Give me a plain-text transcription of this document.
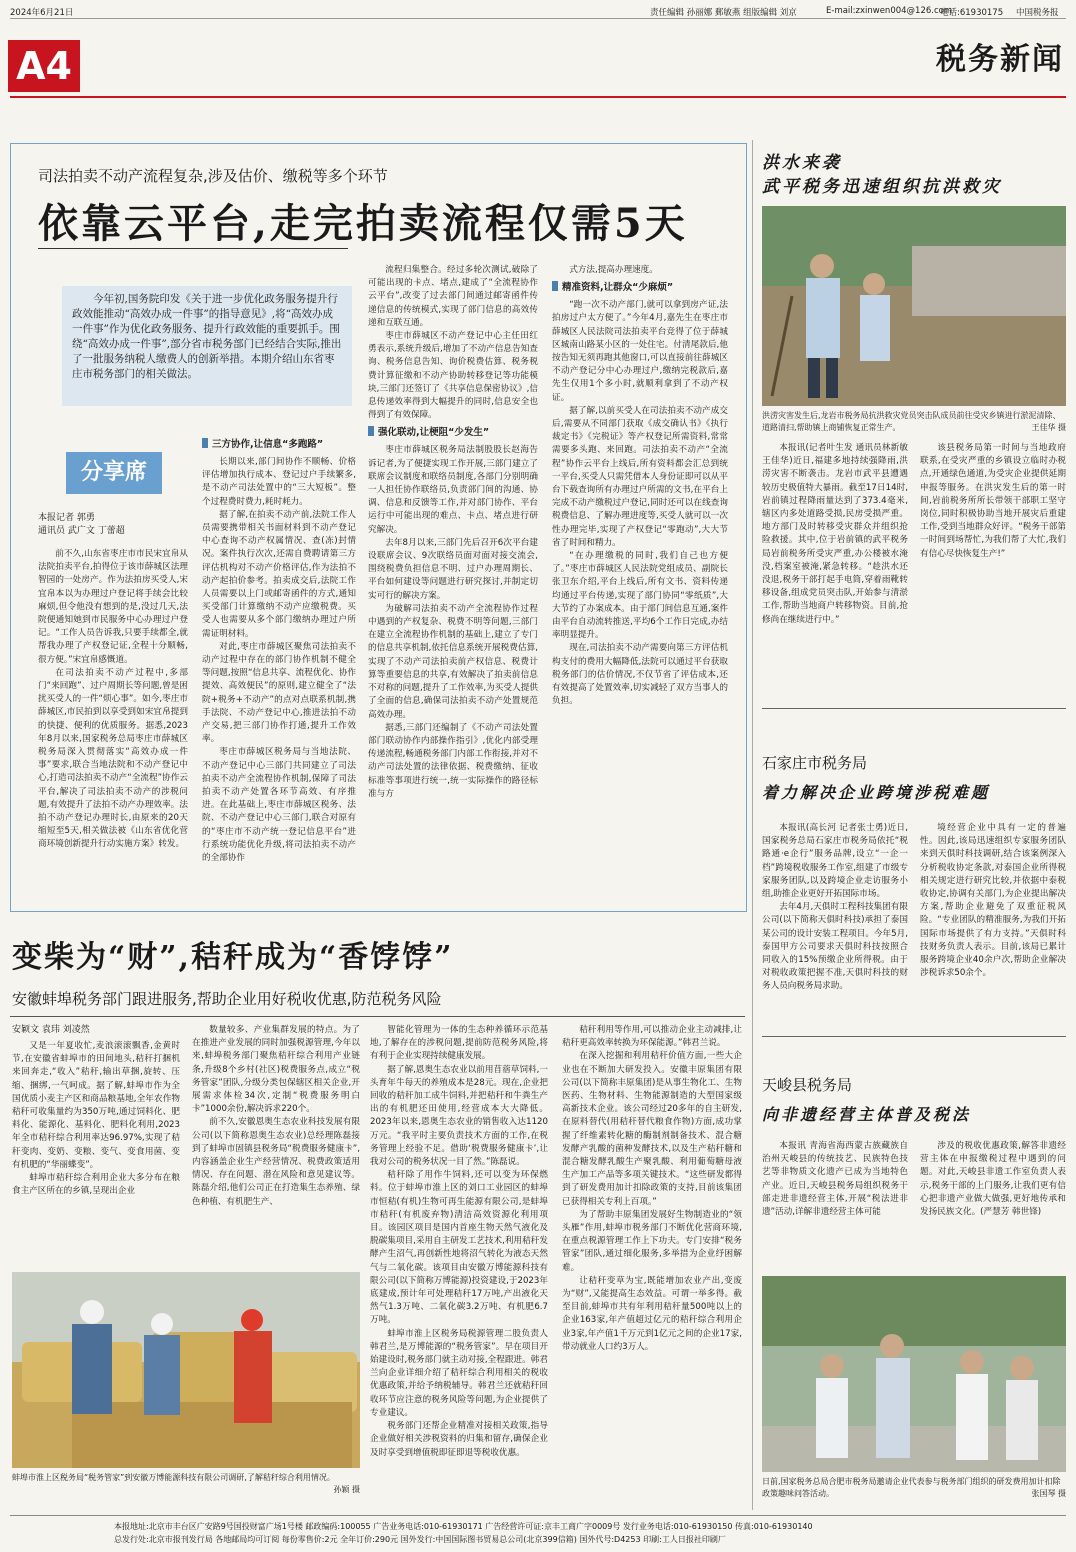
2024年6月21日	责任编辑 孙丽娜 郵敏燕 组版编辑 刘京	E-mail:zxinwen004@126.com
电话:61930175 中国税务报
A4	税务新闻
司法拍卖不动产流程复杂,涉及估价、缴税等多个环节
依靠云平台,走完拍卖流程仅需5天
今年初,国务院印发《关于进一步优化政务服务提升行政效能推动“高效办成一件事”的指导意见》,将“高效办成一件事”作为优化政务服务、提升行政效能的重要抓手。围绕“高效办成一件事”,部分省市税务部门已经结合实际,推出了一批服务纳税人缴费人的创新举措。本期介绍山东省枣庄市税务部门的相关做法。
分享席
本报记者 郭勇
通讯员 武广文 丁蕾超

前不久,山东省枣庄市市民宋宜帛从法院拍卖平台,拍得位于该市薛城区法理智园的一处房产。作为法拍房买受人,宋宜帛本以为办理过户登记将手续会比较麻烦,但令他没有想到的是,没过几天,法院便通知她到市民服务中心办理过户登记。“工作人员告诉我,只要手续都全,就帮我办理了产权登记证,全程十分顺畅,很方便。”宋宜帛感慨道。

在司法拍卖不动产过程中,多部门“来回跑”、过户周期长等问题,曾是困扰买受人的一件“烦心事”。如今,枣庄市薛城区,市民拍到以享受到如宋宜帛提到的快捷、便利的优质服务。据悉,2023年8月以来,国家税务总局枣庄市薛城区税务局深入贯彻落实“高效办成一件事”要求,联合当地法院和不动产登记中心,打造司法拍卖不动产“全流程”协作云平台,解决了司法拍卖不动产的涉税问题,有效提升了法拍不动产办理效率。法拍不动产登记办理时长,由原来的20天缩短至5天,相关做法被《山东省优化营商环境创新提升行动实施方案》转发。

三方协作,让信息“多跑路”

长期以来,部门间协作不顺畅、价格评估增加执行成本、登记过户手续繁多,是不动产司法处置中的“三大短板”。整个过程费时费力,耗时耗力。

据了解,在拍卖不动产前,法院工作人员需要携带相关书面材料到不动产登记中心查询不动产权属情况、查(冻)封情况。案件执行次次,还需自费聘请第三方评估机构对不动产价格评估,作为法拍不动产起拍价参考。拍卖成交后,法院工作人员需要以上门或邮寄函件的方式,通知买受部门计算缴纳不动产应缴税费。买受人也需要从多个部门缴纳办理过户所需证明材料。

对此,枣庄市薛城区聚焦司法拍卖不动产过程中存在的部门协作机制不健全等问题,按照“信息共享、流程优化、协作提效、高效便民”的原则,建立健全了“法院+税务+不动产”的点对点联系机制,携手法院、不动产登记中心,推进法拍不动产交易,把三部门协作打通,提升工作效率。

枣庄市薛城区税务局与当地法院、不动产登记中心三部门共同建立了司法拍卖不动产全流程协作机制,保障了司法拍卖不动产处置各环节高效、有序推进。在此基础上,枣庄市薛城区税务、法院、不动产登记中心三部门,联合对原有的“枣庄市不动产统一登记信息平台”进行系统功能优化升级,将司法拍卖不动产的全部协作

流程归集整合。经过多轮次测试,破除了可能出现的卡点、堵点,建成了“全流程协作云平台”,改变了过去部门间通过邮寄函件传递信息的传统模式,实现了部门信息的高效传递和互联互通。

枣庄市薛城区不动产登记中心主任田红勇表示,系统升级后,增加了不动产信息告知查询、税务信息告知、询价税费估算、税务税费计算征缴和不动产协助转移登记等功能模块,三部门还签订了《共享信息保密协议》,信息传递效率得到大幅提升的同时,信息安全也得到了有效保障。

强化联动,让梗阻“少发生”

枣庄市薛城区税务局法制股股长赵海告诉记者,为了便捷实现工作开展,三部门建立了联席会议制度和联络员制度,各部门分别明确一人担任协作联络员,负责部门间的沟通、协调、信息和反馈等工作,并对部门协作、平台运行中可能出现的难点、卡点、堵点进行研究解决。

去年8月以来,三部门先后召开6次平台建设联席会议、9次联络员面对面对接交流会,围绕税费负担信息不明、过户办理周期长、平台如何建设等问题进行研究探讨,并制定切实可行的解决方案。

为破解司法拍卖不动产全流程协作过程中遇到的产权复杂、税费不明等问题,三部门在建立全流程协作机制的基础上,建立了专门的信息共享机制,依托信息系统开展税费估算,实现了不动产司法拍卖前产权信息、税费计算等重要信息的共享,有效解决了拍卖前信息不对称的问题,提升了工作效率,为买受人提供了全面的信息,确保司法拍卖不动产处置规范高效办理。

据悉,三部门还编制了《不动产司法处置部门联动协作内部操作指引》,优化内部受理传递流程,畅通税务部门内部工作衔接,并对不动产司法处置的法律依据、税费缴纳、征收标准等事项进行统一,统一实际操作的路径标准与方

式方法,提高办理速度。

精准资料,让群众“少麻烦”

“跑一次不动产部门,就可以拿到房产证,法拍房过户太方便了。”今年4月,嘉先生在枣庄市薛城区人民法院司法拍卖平台竞得了位于薛城区城南山路某小区的一处住宅。付清尾款后,他按告知无须再跑其他窗口,可以直接前往薛城区不动产登记分中心办理过户,缴纳完税款后,嘉先生仅用1个多小时,就顺利拿到了不动产权证。

据了解,以前买受人在司法拍卖不动产成交后,需要从不同部门获取《成交确认书》《执行裁定书》《完税证》等产权登记所需资料,常常需要多头跑、来回跑。司法拍卖不动产“全流程”协作云平台上线后,所有资料都会汇总到统一平台,买受人只需凭借本人身份证即可以从平台下载查询所有办理过户所需的文书,在平台上完成不动产缴税过户登记,同时还可以在线查询税费信息、了解办理进度等,买受人就可以一次性办理完毕,实现了产权登记“零跑动”,大大节省了时间和精力。

“在办理缴税的同时,我们自己也方便了。”枣庄市薛城区人民法院党组成员、副院长张卫东介绍,平台上线后,所有文书、资料传递均通过平台传递,实现了部门协同“零纸质”,大大节约了办案成本。由于部门间信息互通,案件由平台自动流转推送,平均6个工作日完成,办结率明显提升。

现在,司法拍卖不动产需要向第三方评估机构支付的费用大幅降低,法院可以通过平台获取税务部门的估价情况,不仅节省了评估成本,还有效提高了处置效率,切实减轻了双方当事人的负担。

变柴为“财”,秸秆成为“香饽饽”
安徽蚌埠税务部门跟进服务,帮助企业用好税收优惠,防范税务风险
安颖文 袁玮 刘凌然

又是一年夏收忙,麦浪滚滚飘香,金黄时节,在安徽省蚌埠市的田间地头,秸秆打捆机来回奔走,“收入”秸秆,输出草捆,旋转、压缩、捆绑,一气呵成。据了解,蚌埠市作为全国优质小麦主产区和商品粮基地,全年农作物秸秆可收集量约为350万吨,通过饲料化、肥料化、能源化、基料化、肥料化利用,2023年全市秸秆综合利用率达96.97%,实现了秸秆变肉、变奶、变粮、变气、变食用菌、变有机肥的“华丽蝶变”。

蚌埠市秸秆综合利用企业大多分布在粮食主产区所在的乡镇,呈现出企业

数量较多、产业集群发展的特点。为了在推进产业发展的同时加强税源管理,今年以来,蚌埠税务部门聚焦秸秆综合利用产业链条,升级8个乡村(社区)税费服务点,成立“税务管家”团队,分级分类包保辖区相关企业,开展需求体检34次,定制“税费服务明白卡”1000余份,解决诉求220个。

前不久,安徽恩奥生态农业科技发展有限公司(以下简称恩奥生态农业)总经理陈磊接到了蚌埠市固镇县税务局“税费服务健康卡”,内容涵盖企业生产经营情况、税费政策适用情况、存在问题、潜在风险和意见建议等。陈磊介绍,他们公司正在打造集生态养殖、绿色种植、有机肥生产、

蚌埠市淮上区税务局“税务管家”到安徽万博能源科技有限公司调研,了解秸秆综合利用情况。
孙颖 摄

智能化管理为一体的生态种养循环示范基地,了解存在的涉税问题,提前防范税务风险,将有利于企业实现持续健康发展。

据了解,恩奥生态农业以前用苜蓿草饲料,一头育年牛每天的养殖成本是28元。现在,企业把回收的秸秆加工成牛饲料,并把秸秆和牛粪生产出的有机肥还田使用,经营成本大大降低。2023年以来,恩奥生态农业的销售收入达1120万元。“我平时主要负责技术方面的工作,在税务管理上经验不足。借助‘税费服务健康卡’,让我对公司的税务状况一目了然。”陈磊说。

秸秆除了用作牛饲料,还可以变为环保燃料。位于蚌埠市淮上区的刘口工业园区的蚌埠市恒秸(有机)生物可再生能源有限公司,是蚌埠市秸秆(有机废弃物)清洁高效资源化利用项目。该园区项目是国内首座生物天然气液化及脱碳集项目,采用自主研发工艺技术,利用秸秆发酵产生沼气,再创新性地将沼气转化为液态天然气与二氧化碳。该项目由安徽万博能源科技有限公司(以下简称万博能源)投资建设,于2023年底建成,预计年可处理秸秆17万吨,产出液化天然气1.3万吨、二氧化碳3.2万吨、有机肥6.7万吨。

蚌埠市淮上区税务局税源管理二股负责人韩君兰,是万博能源的“税务管家”。早在项目开始建设时,税务部门就主动对接,全程跟进。韩君兰向企业详细介绍了秸秆综合利用相关的税收优惠政策,并给予纳税辅导。韩君兰还就秸秆回收环节应注意的税务风险等问题,为企业提供了专业建议。

税务部门还帮企业精准对接相关政策,指导企业做好相关涉税资料的归集和留存,确保企业及时享受到增值税即征即退等税收优惠。

秸秆利用等作用,可以推动企业主动减排,让秸秆更高效率转换为环保能源。”韩君兰说。

在深入挖掘和利用秸秆价值方面,一些大企业也在不断加大研发投入。安徽丰原集团有限公司(以下简称丰原集团)是从事生物化工、生物医药、生物材料、生物能源制造的大型国家级高新技术企业。该公司经过20多年的自主研发,在原料替代(用秸秆替代粮食作物)方面,成功掌握了纤维素转化糖的酶制剂制备技术、混合糖发酵产乳酸的菌种发酵技术,以及生产秸秆糖和混合糖发酵乳酸生产聚乳酸、利用葡萄糖母液生产加工产品等多项关键技术。“这些研发都得到了研发费用加计扣除政策的支持,目前该集团已获得相关专利上百项。”

为了帮助丰原集团发展好生物制造业的“领头雁”作用,蚌埠市税务部门不断优化营商环境,在重点税源管理工作上下功夫。专门安排“税务管家”团队,通过细化服务,多举措为企业纾困解难。

让秸秆变草为宝,既能增加农业产出,变废为“财”,又能提高生态效益。可谓一举多得。截至目前,蚌埠市共有年利用秸秆量500吨以上的企业163家,年产值超过亿元的秸秆综合利用企业3家,年产值1千万元到1亿元之间的企业17家,带动就业人口约3万人。

洪水来袭
武平税务迅速组织抗洪救灾
洪涝灾害发生后,龙岩市税务局抗洪救灾党员突击队成员前往受灾乡镇进行淤泥清除、道路清扫,帮助镇上商铺恢复正常生产。	王佳华 摄

本报讯(记者叶生发 通讯员林新敏 王佳华)近日,福建多地持续强降雨,洪涝灾害不断袭击。龙岩市武平县遭遇较历史极值特大暴雨。截至17日14时,岩前镇过程降雨量达到了373.4毫米,辖区内多处道路受损,民房受损严重。地方部门及时转移受灾群众并组织抢险救援。其中,位于岩前镇的武平税务局岩前税务所受灾严重,办公楼被水淹没,档案室被淹,紧急转移。“趁洪水还没退,税务干部打起手电筒,穿着雨靴转移设备,组成党员突击队,开始参与清淤工作,帮助当地商户转移物资。目前,抢修尚在继续进行中。”

该县税务局第一时间与当地政府联系,在受灾严重的乡镇设立临时办税点,开通绿色通道,为受灾企业提供延期申报等服务。在洪灾发生后的第一时间,岩前税务所所长带领干部职工坚守岗位,同时积极协助当地开展灾后重建工作,受到当地群众好评。“税务干部第一时间到场帮忙,为我们帮了大忙,我们有信心尽快恢复生产!”

石家庄市税务局
着力解决企业跨境涉税难题

本报讯(高长河 记者张士勇)近日,国家税务总局石家庄市税务局依托“税路通·e企行”服务品牌,设立“一企一档”跨境税收服务工作室,组建了市级专家服务团队,以及跨境企业走访服务小组,助推企业更好开拓国际市场。

去年4月,天俱时工程科技集团有限公司(以下简称天俱时科技)承担了泰国某公司的设计安装工程项目。今年5月,泰国甲方公司要求天俱时科技按照合同收入的15%预缴企业所得税。由于对税收政策把握不准,天俱时科技的财务人员向税务局求助。

境经营企业中具有一定的普遍性。因此,该局迅速组织专家服务团队来到天俱时科技调研,结合该案例深入分析税收协定条款,对泰国企业所得税相关规定进行研究比较,并依据中泰税收协定,协调有关部门,为企业提出解决方案,帮助企业避免了双重征税风险。“专业团队的精准服务,为我们开拓国际市场提供了有力支持。”天俱时科技财务负责人表示。目前,该局已累计服务跨境企业40余户次,帮助企业解决涉税诉求50余个。

天峻县税务局
向非遗经营主体普及税法

本报讯 青海省海西蒙古族藏族自治州天峻县的传统技艺、民族特色技艺等非物质文化遗产已成为当地特色产业。近日,天峻县税务局组织税务干部走进非遗经营主体,开展“税法进非遗”活动,详解非遗经营主体可能

涉及的税收优惠政策,解答非遗经营主体在申报缴税过程中遇到的问题。对此,天峻县非遗工作室负责人表示,税务干部的上门服务,让我们更有信心把非遗产业做大做强,更好地传承和发扬民族文化。(严慧芳 韩世锋)

日前,国家税务总局合肥市税务局邀请企业代表参与税务部门组织的研发费用加计扣除政策趣味问答活动。	张国琴 摄
本报地址:北京市丰台区广安路9号国投财富广场1号楼 邮政编码:100055 广告业务电话:010-61930171 广告经营许可证:京丰工商广字0009号 发行业务电话:010-61930150 传真:010-61930140
总发行处:北京市报刊发行局 各地邮局均可订阅 每份零售价:2元 全年订价:290元 国外发行:中国国际图书贸易总公司(北京399信箱) 国外代号:D4253 印刷:工人日报社印刷厂
